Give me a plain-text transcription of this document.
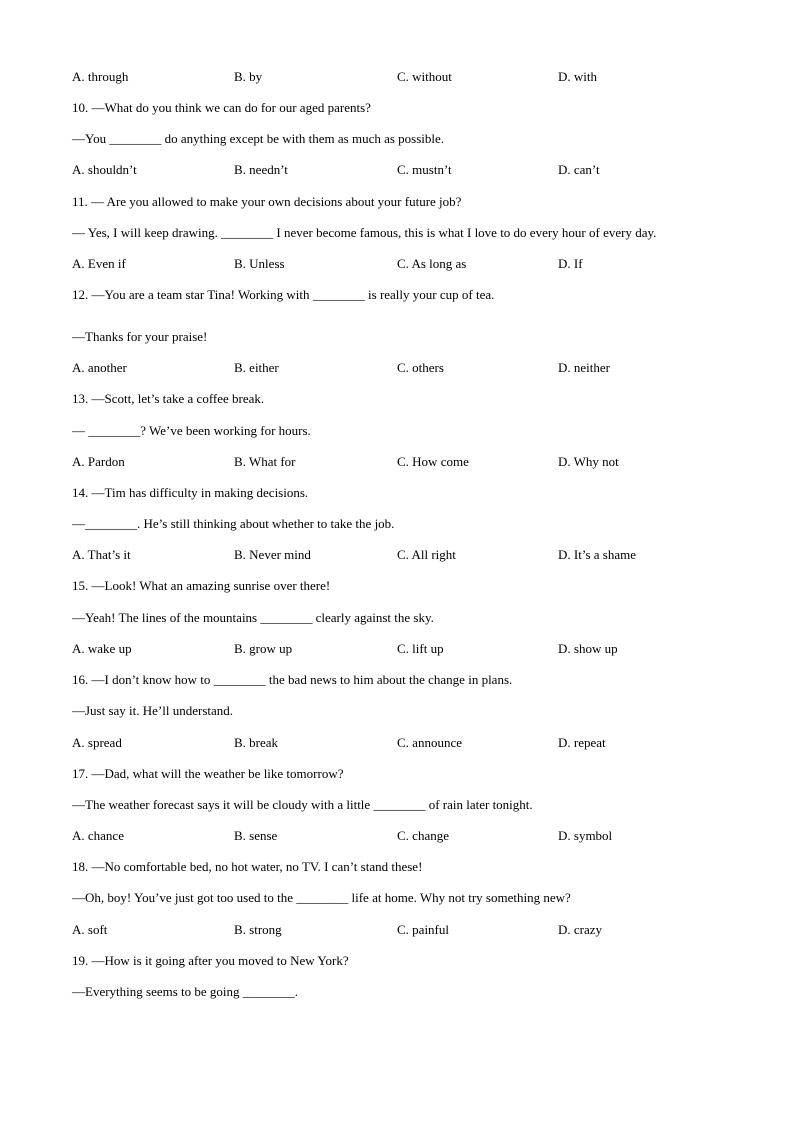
A. through	B. by	C. without	D. with
10. —What do you think we can do for our aged parents?
—You ________ do anything except be with them as much as possible.
A. shouldn’t	B. needn’t	C. mustn’t	D. can’t
11. — Are you allowed to make your own decisions about your future job?
— Yes, I will keep drawing. ________ I never become famous, this is what I love to do every hour of every day.
A. Even if	B. Unless	C. As long as	D. If
12. —You are a team star Tina! Working with ________ is really your cup of tea.
—Thanks for your praise!
A. another	B. either	C. others	D. neither
13. —Scott, let’s take a coffee break.
— ________? We’ve been working for hours.
A. Pardon	B. What for	C. How come	D. Why not
14. —Tim has difficulty in making decisions.
—________. He’s still thinking about whether to take the job.
A. That’s it	B. Never mind	C. All right	D. It’s a shame
15. —Look! What an amazing sunrise over there!
—Yeah! The lines of the mountains ________ clearly against the sky.
A. wake up	B. grow up	C. lift up	D. show up
16. —I don’t know how to ________ the bad news to him about the change in plans.
—Just say it. He’ll understand.
A. spread	B. break	C. announce	D. repeat
17. —Dad, what will the weather be like tomorrow?
—The weather forecast says it will be cloudy with a little ________ of rain later tonight.
A. chance	B. sense	C. change	D. symbol
18. —No comfortable bed, no hot water, no TV. I can’t stand these!
—Oh, boy! You’ve just got too used to the ________ life at home. Why not try something new?
A. soft	B. strong	C. painful	D. crazy
19. —How is it going after you moved to New York?
—Everything seems to be going ________.
